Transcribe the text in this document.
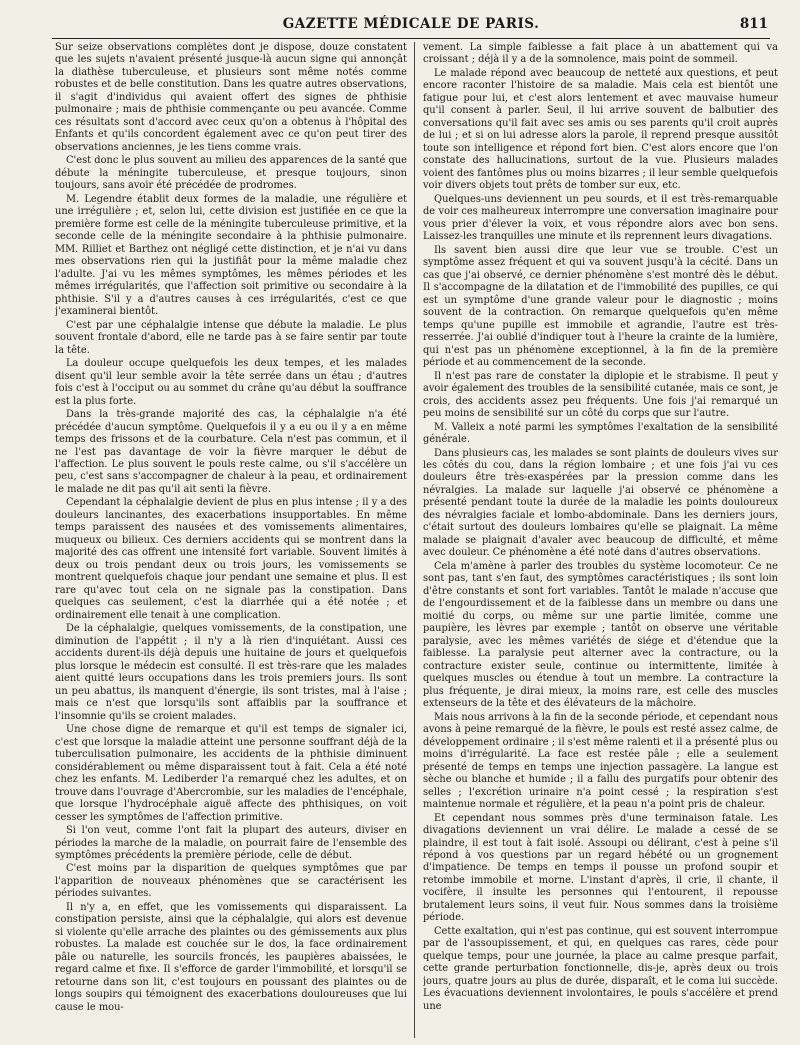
GAZETTE MÉDICALE DE PARIS.	811

Sur seize observations complètes dont je dispose, douze constatent que les sujets n'avaient présenté jusque-là aucun signe qui annonçât la diathèse tuberculeuse, et plusieurs sont même notés comme robustes et de belle constitution. Dans les quatre autres observations, il s'agit d'individus qui avaient offert des signes de phthisie pulmonaire ; mais de phthisie commençante ou peu avancée. Comme ces résultats sont d'accord avec ceux qu'on a obtenus à l'hôpital des Enfants et qu'ils concordent également avec ce qu'on peut tirer des observations anciennes, je les tiens comme vrais.

C'est donc le plus souvent au milieu des apparences de la santé que débute la méningite tuberculeuse, et presque toujours, sinon toujours, sans avoir été précédée de prodromes.

M. Legendre établit deux formes de la maladie, une régulière et une irrégulière ; et, selon lui, cette division est justifiée en ce que la première forme est celle de la méningite tuberculeuse primitive, et la seconde celle de la méningite secondaire à la phthisie pulmonaire. MM. Rilliet et Barthez ont négligé cette distinction, et je n'ai vu dans mes observations rien qui la justifiât pour la même maladie chez l'adulte. J'ai vu les mêmes symptômes, les mêmes périodes et les mêmes irrégularités, que l'affection soit primitive ou secondaire à la phthisie. S'il y a d'autres causes à ces irrégularités, c'est ce que j'examinerai bientôt.

C'est par une céphalalgie intense que débute la maladie. Le plus souvent frontale d'abord, elle ne tarde pas à se faire sentir par toute la tête.

La douleur occupe quelquefois les deux tempes, et les malades disent qu'il leur semble avoir la tête serrée dans un étau ; d'autres fois c'est à l'occiput ou au sommet du crâne qu'au début la souffrance est la plus forte.

Dans la très-grande majorité des cas, la céphalalgie n'a été précédée d'aucun symptôme. Quelquefois il y a eu ou il y a en même temps des frissons et de la courbature. Cela n'est pas commun, et il ne l'est pas davantage de voir la fièvre marquer le début de l'affection. Le plus souvent le pouls reste calme, ou s'il s'accélère un peu, c'est sans s'accompagner de chaleur à la peau, et ordinairement le malade ne dit pas qu'il ait senti la fièvre.

Cependant la céphalalgie devient de plus en plus intense ; il y a des douleurs lancinantes, des exacerbations insupportables. En même temps paraissent des nausées et des vomissements alimentaires, muqueux ou bilieux. Ces derniers accidents qui se montrent dans la majorité des cas offrent une intensité fort variable. Souvent limités à deux ou trois pendant deux ou trois jours, les vomissements se montrent quelquefois chaque jour pendant une semaine et plus. Il est rare qu'avec tout cela on ne signale pas la constipation. Dans quelques cas seulement, c'est la diarrhée qui a été notée ; et ordinairement elle tenait à une complication.

De la céphalalgie, quelques vomissements, de la constipation, une diminution de l'appétit ; il n'y a là rien d'inquiétant. Aussi ces accidents durent-ils déjà depuis une huitaine de jours et quelquefois plus lorsque le médecin est consulté. Il est très-rare que les malades aient quitté leurs occupations dans les trois premiers jours. Ils sont un peu abattus, ils manquent d'énergie, ils sont tristes, mal à l'aise ; mais ce n'est que lorsqu'ils sont affaiblis par la souffrance et l'insomnie qu'ils se croient malades.

Une chose digne de remarque et qu'il est temps de signaler ici, c'est que lorsque la maladie atteint une personne souffrant déjà de la tuberculisation pulmonaire, les accidents de la phthisie diminuent considérablement ou même disparaissent tout à fait. Cela a été noté chez les enfants. M. Lediberder l'a remarqué chez les adultes, et on trouve dans l'ouvrage d'Abercrombie, sur les maladies de l'encéphale, que lorsque l'hydrocéphale aiguë affecte des phthisiques, on voit cesser les symptômes de l'affection primitive.

Si l'on veut, comme l'ont fait la plupart des auteurs, diviser en périodes la marche de la maladie, on pourrait faire de l'ensemble des symptômes précédents la première période, celle de début.

C'est moins par la disparition de quelques symptômes que par l'apparition de nouveaux phénomènes que se caractérisent les périodes suivantes.

Il n'y a, en effet, que les vomissements qui disparaissent. La constipation persiste, ainsi que la céphalalgie, qui alors est devenue si violente qu'elle arrache des plaintes ou des gémissements aux plus robustes. La malade est couchée sur le dos, la face ordinairement pâle ou naturelle, les sourcils froncés, les paupières abaissées, le regard calme et fixe. Il s'efforce de garder l'immobilité, et lorsqu'il se retourne dans son lit, c'est toujours en poussant des plaintes ou de longs soupirs qui témoignent des exacerbations douloureuses que lui cause le mou-

vement. La simple faiblesse a fait place à un abattement qui va croissant ; déjà il y a de la somnolence, mais point de sommeil.

Le malade répond avec beaucoup de netteté aux questions, et peut encore raconter l'histoire de sa maladie. Mais cela est bientôt une fatigue pour lui, et c'est alors lentement et avec mauvaise humeur qu'il consent à parler. Seul, il lui arrive souvent de balbutier des conversations qu'il fait avec ses amis ou ses parents qu'il croit auprès de lui ; et si on lui adresse alors la parole, il reprend presque aussitôt toute son intelligence et répond fort bien. C'est alors encore que l'on constate des hallucinations, surtout de la vue. Plusieurs malades voient des fantômes plus ou moins bizarres ; il leur semble quelquefois voir divers objets tout prêts de tomber sur eux, etc.

Quelques-uns deviennent un peu sourds, et il est très-remarquable de voir ces malheureux interrompre une conversation imaginaire pour vous prier d'élever la voix, et vous répondre alors avec bon sens. Laissez-les tranquilles une minute et ils reprennent leurs divagations.

Ils savent bien aussi dire que leur vue se trouble. C'est un symptôme assez fréquent et qui va souvent jusqu'à la cécité. Dans un cas que j'ai observé, ce dernier phénomène s'est montré dès le début. Il s'accompagne de la dilatation et de l'immobilité des pupilles, ce qui est un symptôme d'une grande valeur pour le diagnostic ; moins souvent de la contraction. On remarque quelquefois qu'en même temps qu'une pupille est immobile et agrandie, l'autre est très-resserrée. J'ai oublié d'indiquer tout à l'heure la crainte de la lumière, qui n'est pas un phénomène exceptionnel, à la fin de la première période et au commencement de la seconde.

Il n'est pas rare de constater la diplopie et le strabisme. Il peut y avoir également des troubles de la sensibilité cutanée, mais ce sont, je crois, des accidents assez peu fréquents. Une fois j'ai remarqué un peu moins de sensibilité sur un côté du corps que sur l'autre.

M. Valleix a noté parmi les symptômes l'exaltation de la sensibilité générale.

Dans plusieurs cas, les malades se sont plaints de douleurs vives sur les côtés du cou, dans la région lombaire ; et une fois j'ai vu ces douleurs être très-exaspérées par la pression comme dans les névralgies. La malade sur laquelle j'ai observé ce phénomène a présenté pendant toute la durée de la maladie les points douloureux des névralgies faciale et lombo-abdominale. Dans les derniers jours, c'était surtout des douleurs lombaires qu'elle se plaignait. La même malade se plaignait d'avaler avec beaucoup de difficulté, et même avec douleur. Ce phénomène a été noté dans d'autres observations.

Cela m'amène à parler des troubles du système locomoteur. Ce ne sont pas, tant s'en faut, des symptômes caractéristiques ; ils sont loin d'être constants et sont fort variables. Tantôt le malade n'accuse que de l'engourdissement et de la faiblesse dans un membre ou dans une moitié du corps, ou même sur une partie limitée, comme une paupière, les lèvres par exemple ; tantôt on observe une véritable paralysie, avec les mêmes variétés de siége et d'étendue que la faiblesse. La paralysie peut alterner avec la contracture, ou la contracture exister seule, continue ou intermittente, limitée à quelques muscles ou étendue à tout un membre. La contracture la plus fréquente, je dirai mieux, la moins rare, est celle des muscles extenseurs de la tête et des élévateurs de la mâchoire.

Mais nous arrivons à la fin de la seconde période, et cependant nous avons à peine remarqué de la fièvre, le pouls est resté assez calme, de développement ordinaire ; il s'est même ralenti et il a présenté plus ou moins d'irrégularité. La face est restée pâle ; elle a seulement présenté de temps en temps une injection passagère. La langue est sèche ou blanche et humide ; il a fallu des purgatifs pour obtenir des selles ; l'excrétion urinaire n'a point cessé ; la respiration s'est maintenue normale et régulière, et la peau n'a point pris de chaleur.

Et cependant nous sommes près d'une terminaison fatale. Les divagations deviennent un vrai délire. Le malade a cessé de se plaindre, il est tout à fait isolé. Assoupi ou délirant, c'est à peine s'il répond à vos questions par un regard hébété ou un grognement d'impatience. De temps en temps il pousse un profond soupir et retombe immobile et morne. L'instant d'après, il crie, il chante, il vocifère, il insulte les personnes qui l'entourent, il repousse brutalement leurs soins, il veut fuir. Nous sommes dans la troisième période.

Cette exaltation, qui n'est pas continue, qui est souvent interrompue par de l'assoupissement, et qui, en quelques cas rares, cède pour quelque temps, pour une journée, la place au calme presque parfait, cette grande perturbation fonctionnelle, dis-je, après deux ou trois jours, quatre jours au plus de durée, disparaît, et le coma lui succède. Les évacuations deviennent involontaires, le pouls s'accélère et prend une
